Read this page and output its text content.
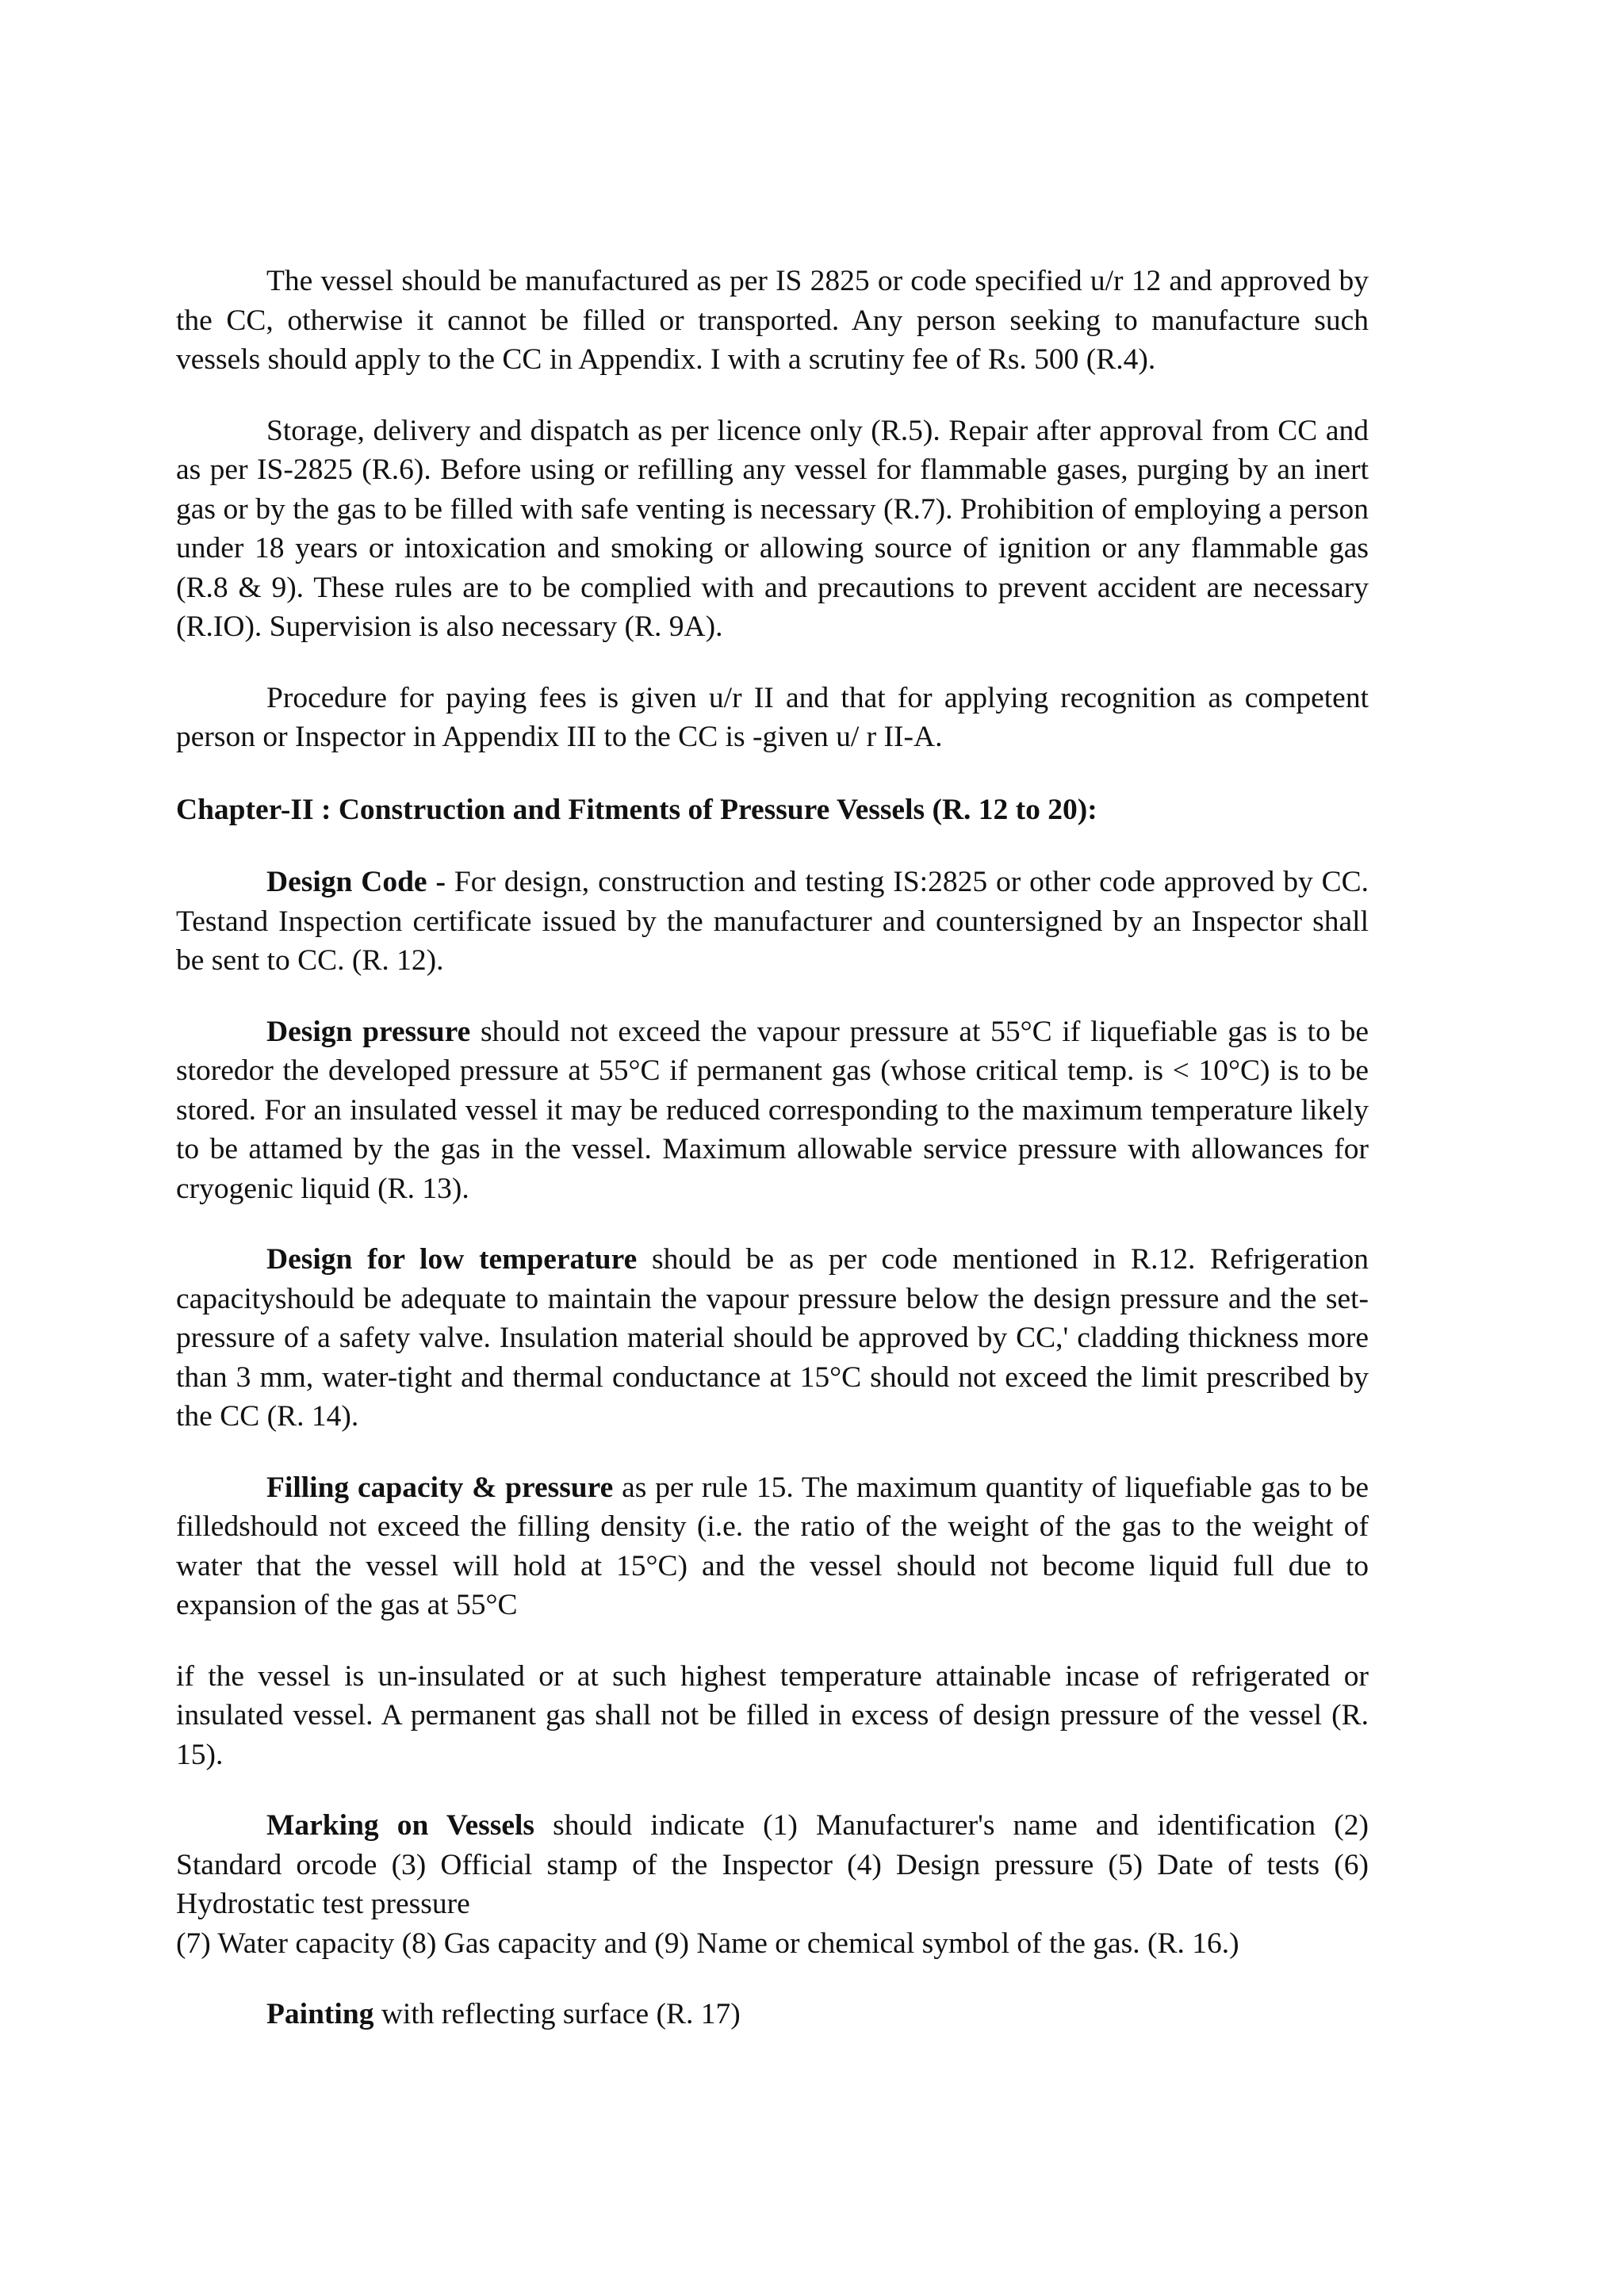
The vessel should be manufactured as per IS 2825 or code specified u/r 12 and approved by the CC, otherwise it cannot be filled or transported. Any person seeking to manufacture such vessels should apply to the CC in Appendix. I with a scrutiny fee of Rs. 500 (R.4).

Storage, delivery and dispatch as per licence only (R.5). Repair after approval from CC and as per IS-2825 (R.6). Before using or refilling any vessel for flammable gases, purging by an inert gas or by the gas to be filled with safe venting is necessary (R.7). Prohibition of employing a person under 18 years or intoxication and smoking or allowing source of ignition or any flammable gas (R.8 & 9). These rules are to be complied with and precautions to prevent accident are necessary (R.IO). Supervision is also necessary (R. 9A).

Procedure for paying fees is given u/r II and that for applying recognition as competent person or Inspector in Appendix III to the CC is -given u/ r II-A.

Chapter-II : Construction and Fitments of Pressure Vessels (R. 12 to 20):

Design Code - For design, construction and testing IS:2825 or other code approved by CC. Testand Inspection certificate issued by the manufacturer and countersigned by an Inspector shall be sent to CC. (R. 12).

Design pressure should not exceed the vapour pressure at 55°C if liquefiable gas is to be storedor the developed pressure at 55°C if permanent gas (whose critical temp. is < 10°C) is to be stored. For an insulated vessel it may be reduced corresponding to the maximum temperature likely to be attamed by the gas in the vessel. Maximum allowable service pressure with allowances for cryogenic liquid (R. 13).

Design for low temperature should be as per code mentioned in R.12. Refrigeration capacityshould be adequate to maintain the vapour pressure below the design pressure and the set-pressure of a safety valve. Insulation material should be approved by CC,' cladding thickness more than 3 mm, water-tight and thermal conductance at 15°C should not exceed the limit prescribed by the CC (R. 14).

Filling capacity & pressure as per rule 15. The maximum quantity of liquefiable gas to be filledshould not exceed the filling density (i.e. the ratio of the weight of the gas to the weight of water that the vessel will hold at 15°C) and the vessel should not become liquid full due to expansion of the gas at 55°C

if the vessel is un-insulated or at such highest temperature attainable incase of refrigerated or insulated vessel. A permanent gas shall not be filled in excess of design pressure of the vessel (R. 15).

Marking on Vessels should indicate (1) Manufacturer's name and identification (2) Standard orcode (3) Official stamp of the Inspector (4) Design pressure (5) Date of tests (6) Hydrostatic test pressure

(7) Water capacity (8) Gas capacity and (9) Name or chemical symbol of the gas. (R. 16.)

Painting with reflecting surface (R. 17)
